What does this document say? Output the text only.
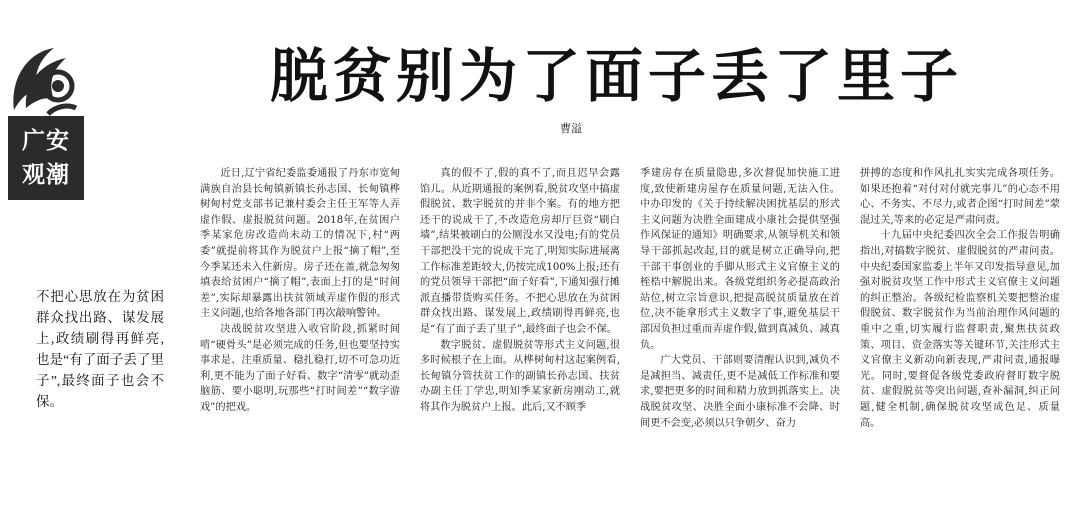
广安
观潮
脱贫别为了面子丢了里子
曹溢
不把心思放在为贫困群众找出路、谋发展上,政绩刷得再鲜亮,也是“有了面子丢了里子”,最终面子也会不保。

近日,辽宁省纪委监委通报了丹东市宽甸满族自治县长甸镇新镇长孙志国、长甸镇桦树甸村党支部书记兼村委会主任王军等人弄虚作假、虚报脱贫问题。2018年,在贫困户季某家危房改造尚未动工的情况下,村“两委”就提前将其作为脱贫户上报“摘了帽”,至今季某还未入住新房。房子还在盖,就急匆匆填表给贫困户“摘了帽”,表面上打的是“时间差”,实际却暴露出扶贫领域弄虚作假的形式主义问题,也给各地各部门再次敲响警钟。

决战脱贫攻坚进入收官阶段,抓紧时间啃“硬骨头”是必须完成的任务,但也要坚持实事求是、注重质量、稳扎稳打,切不可急功近利,更不能为了面子好看、数字“清零”就动歪脑筋、要小聪明,玩那些“打时间差”“数字游戏”的把戏。

真的假不了,假的真不了,而且迟早会露馅儿。从近期通报的案例看,脱贫攻坚中搞虚假脱贫、数字脱贫的并非个案。有的地方把还干的说成干了,不改造危房却厅巨资“刷白墙”,结果被刷白的公厕没水又没电;有的党员干部把没干完的说成干完了,明知实际进展离工作标准差距较大,仍按完成100%上报;还有的党员领导干部把“面子好看”,下通知强行摊派直播带货购买任务。不把心思放在为贫困群众找出路、谋发展上,政绩刷得再鲜亮,也是“有了面子丢了里子”,最终面子也会不保。

数字脱贫、虚假脱贫等形式主义问题,很多时候根子在上面。从桦树甸村这起案例看,长甸镇分管扶贫工作的副镇长孙志国、扶贫办副主任丁学忠,明知季某家新房刚动工,就将其作为脱贫户上报。此后,又不顾季

季建房存在质量隐患,多次督促加快施工进度,致使新建房屋存在质量问题,无法入住。中办印发的《关于持续解决困扰基层的形式主义问题为决胜全面建成小康社会提供坚强作风保证的通知》明确要求,从领导机关和领导干部抓起改起,目的就是树立正确导向,把干部干事创业的手脚从形式主义官僚主义的桎梏中解脱出来。各级党组织务必提高政治站位,树立宗旨意识,把提高脱贫质量放在首位,决不能拿形式主义数字了事,避免基层干部因负担过重而弄虚作假,做到真减负、减真负。

广大党员、干部则要清醒认识到,减负不是减担当、减责任,更不是减低工作标准和要求,要把更多的时间和精力放到抓落实上。决战脱贫攻坚、决胜全面小康标准不会降、时间更不会变,必须以只争朝夕、奋力

拼搏的态度和作风扎扎实实完成各项任务。如果还抱着“对付对付就完事儿”的心态不用心、不务实、不尽力,或者企图“打时间差”蒙混过关,等来的必定是严肃问责。

十九届中央纪委四次全会工作报告明确指出,对搞数字脱贫、虚假脱贫的严肃问责。中央纪委国家监委上半年又印发指导意见,加强对脱贫攻坚工作中形式主义官僚主义问题的纠正整治。各级纪检监察机关要把整治虚假脱贫、数字脱贫作为当前治理作风问题的重中之重,切实履行监督职责,聚焦扶贫政策、项目、资金落实等关键环节,关注形式主义官僚主义新动向新表现,严肃问责,通报曝光。同时,要督促各级党委政府督盯数字脱贫、虚假脱贫等突出问题,查补漏洞,纠正问题,健全机制,确保脱贫攻坚成色足、质量高。
